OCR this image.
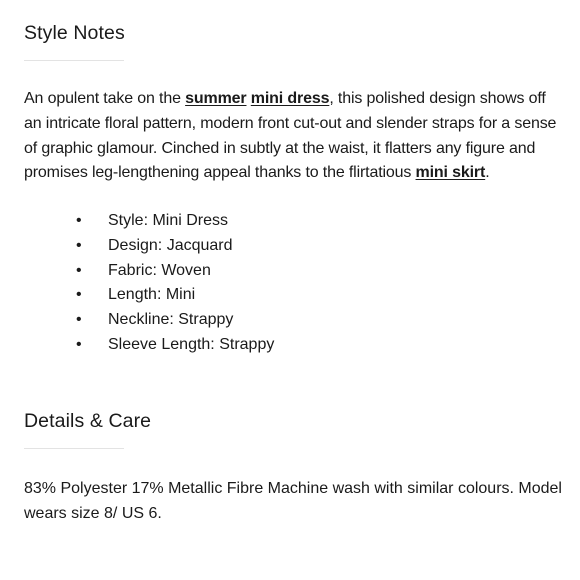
Style Notes

An opulent take on the summer mini dress, this polished design shows off an intricate floral pattern, modern front cut-out and slender straps for a sense of graphic glamour. Cinched in subtly at the waist, it flatters any figure and promises leg-lengthening appeal thanks to the flirtatious mini skirt.

• Style: Mini Dress
• Design: Jacquard
• Fabric: Woven
• Length: Mini
• Neckline: Strappy
• Sleeve Length: Strappy
Details & Care

83% Polyester 17% Metallic Fibre Machine wash with similar colours. Model wears size 8/ US 6.
